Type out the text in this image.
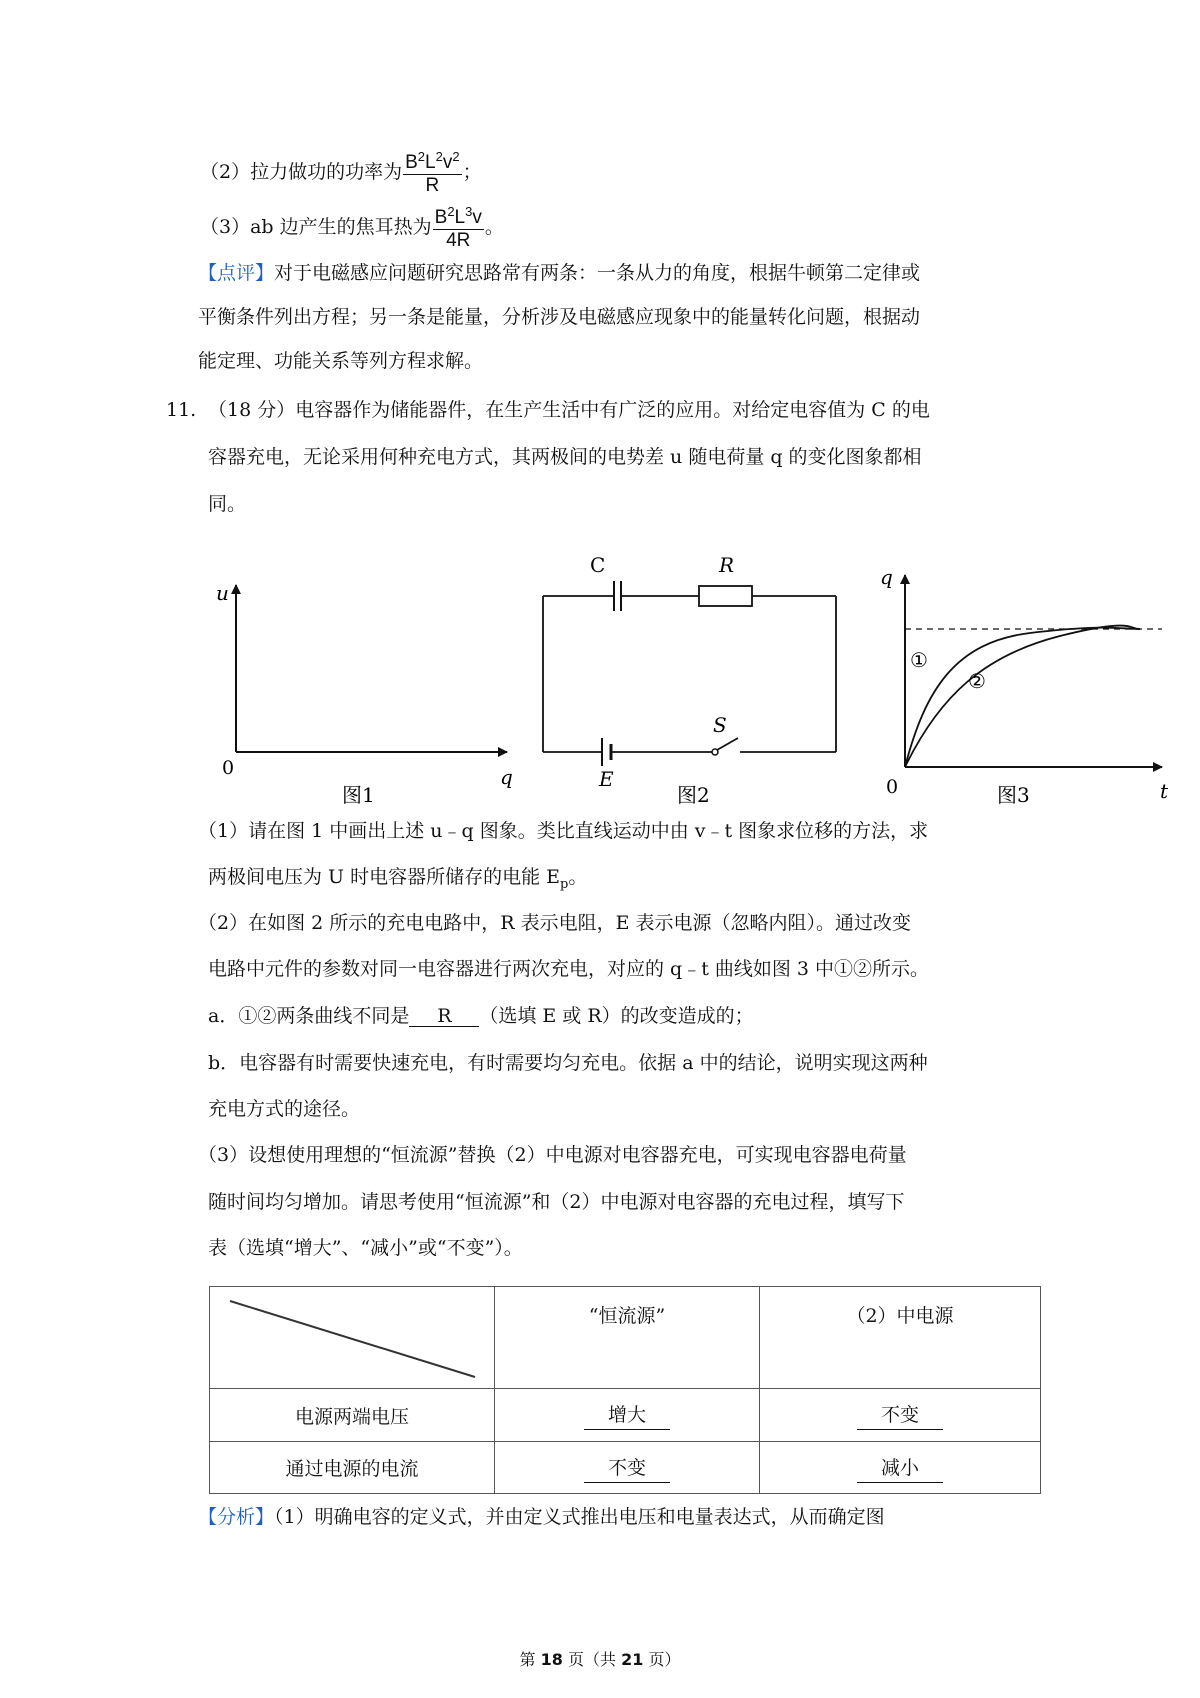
（2）拉力做功的功率为 $\frac{B^2L^2v^2}{R}$ ；
（3）ab 边产生的焦耳热为 $\frac{B^2L^3v}{4R}$ 。
【点评】对于电磁感应问题研究思路常有两条：一条从力的角度，根据牛顿第二定律或
平衡条件列出方程；另一条是能量，分析涉及电磁感应现象中的能量转化问题，根据动
能定理、功能关系等列方程求解。
11. （18 分）电容器作为储能器件，在生产生活中有广泛的应用。对给定电容值为 C 的电
容器充电，无论采用何种充电方式，其两极间的电势差 u 随电荷量 q 的变化图象都相
同。
u
q
0
图1
C	R
E
S
图2
q
t
0
①
②
图3
（1）请在图 1 中画出上述 u﹣q 图象。类比直线运动中由 v﹣t 图象求位移的方法，求
两极间电压为 U 时电容器所储存的电能 $E_p$。
（2）在如图 2 所示的充电电路中，R 表示电阻，E 表示电源（忽略内阻）。通过改变
电路中元件的参数对同一电容器进行两次充电，对应的 q﹣t 曲线如图 3 中①②所示。
a．①②两条曲线不同是 R （选填 E 或 R）的改变造成的；
b．电容器有时需要快速充电，有时需要均匀充电。依据 a 中的结论，说明实现这两种
充电方式的途径。
（3）设想使用理想的“恒流源”替换（2）中电源对电容器充电，可实现电容器电荷量
随时间均匀增加。请思考使用“恒流源”和（2）中电源对电容器的充电过程，填写下
表（选填“增大”、“减小”或“不变”）。
	“恒流源”	（2）中电源
电源两端电压	增大	不变
通过电源的电流	不变	减小
【分析】（1）明确电容的定义式，并由定义式推出电压和电量表达式，从而确定图
第 18 页（共 21 页）
